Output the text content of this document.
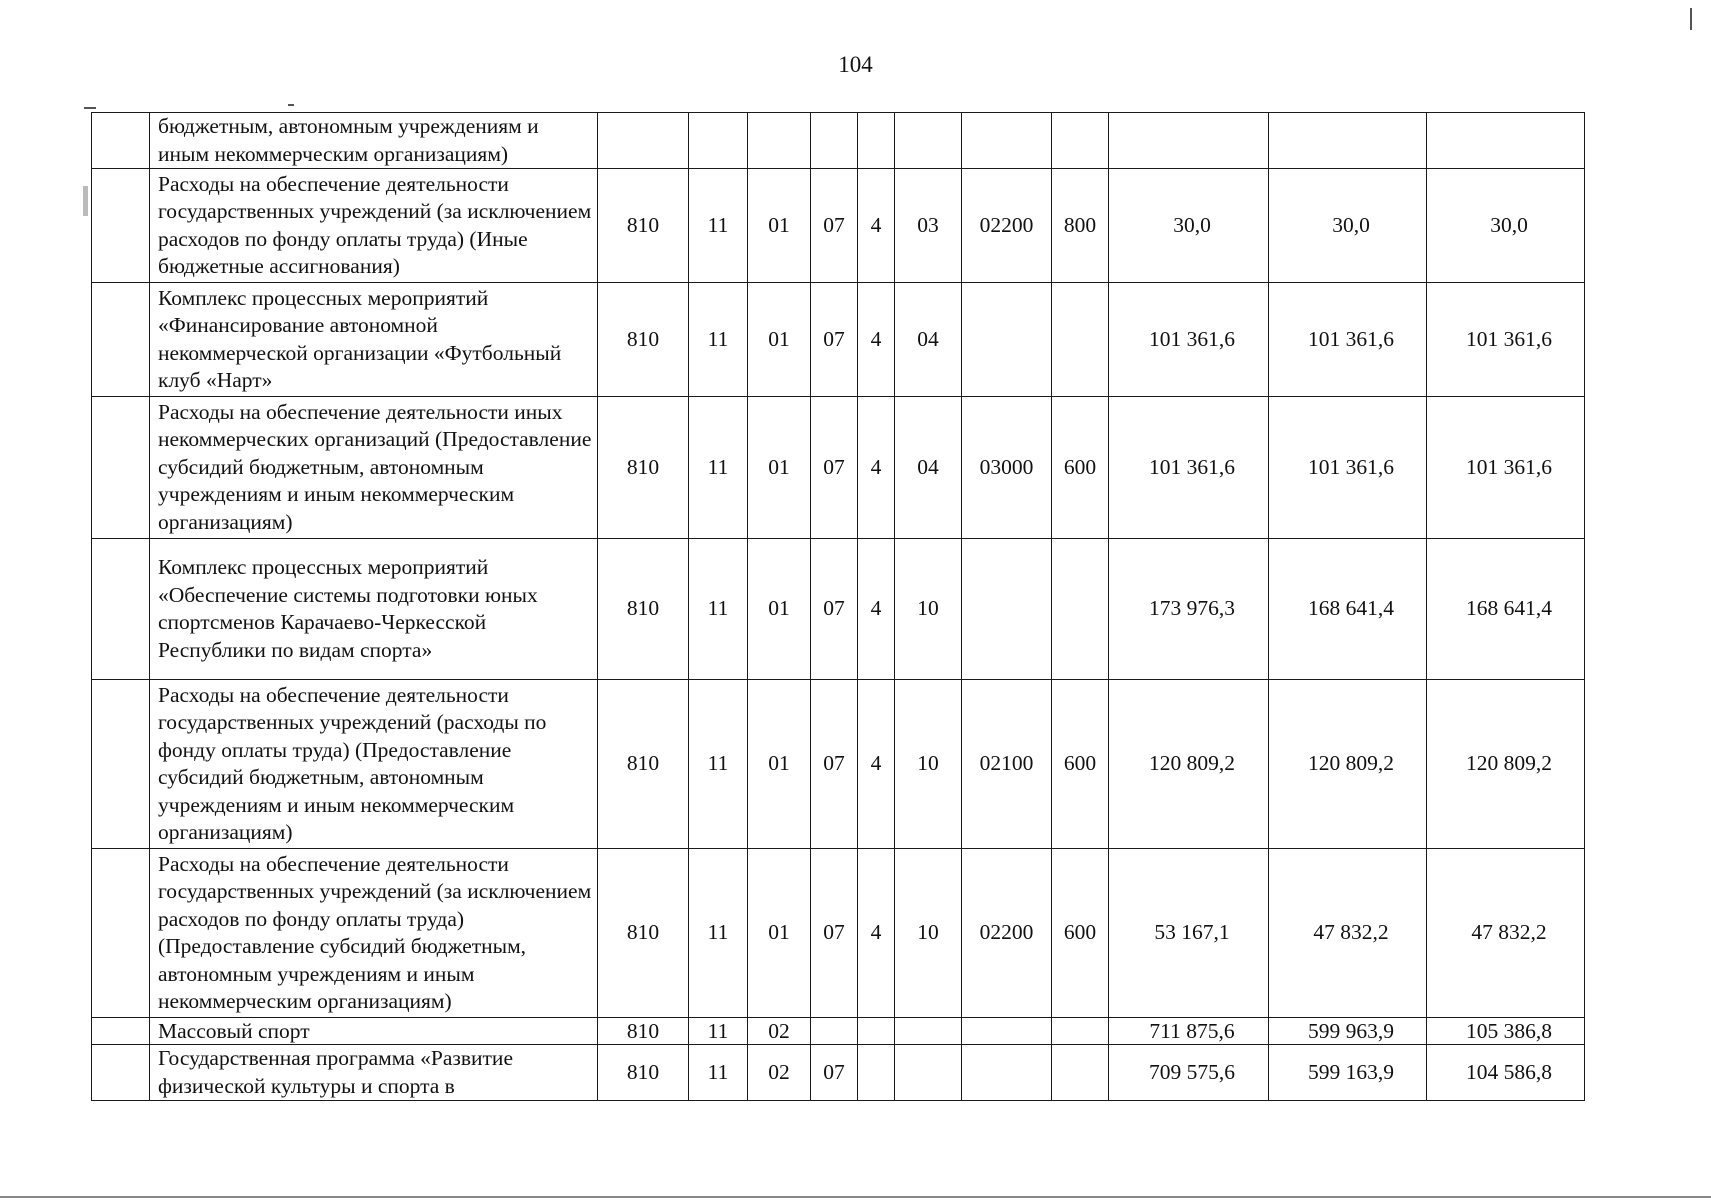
104
	бюджетным, автономным учреждениям и иным некоммерческим организациям)											
	Расходы на обеспечение деятельности государственных учреждений (за исключением расходов по фонду оплаты труда) (Иные бюджетные ассигнования)	810	11	01	07	4	03	02200	800	30,0	30,0	30,0
	Комплекс процессных мероприятий «Финансирование автономной некоммерческой организации «Футбольный клуб «Нарт»	810	11	01	07	4	04			101 361,6	101 361,6	101 361,6
	Расходы на обеспечение деятельности иных некоммерческих организаций (Предоставление субсидий бюджетным, автономным учреждениям и иным некоммерческим организациям)	810	11	01	07	4	04	03000	600	101 361,6	101 361,6	101 361,6
	Комплекс процессных мероприятий «Обеспечение системы подготовки юных спортсменов Карачаево-Черкесской Республики по видам спорта»	810	11	01	07	4	10			173 976,3	168 641,4	168 641,4
	Расходы на обеспечение деятельности государственных учреждений (расходы по фонду оплаты труда) (Предоставление субсидий бюджетным, автономным учреждениям и иным некоммерческим организациям)	810	11	01	07	4	10	02100	600	120 809,2	120 809,2	120 809,2
	Расходы на обеспечение деятельности государственных учреждений (за исключением расходов по фонду оплаты труда) (Предоставление субсидий бюджетным, автономным учреждениям и иным некоммерческим организациям)	810	11	01	07	4	10	02200	600	53 167,1	47 832,2	47 832,2
	Массовый спорт	810	11	02						711 875,6	599 963,9	105 386,8
	Государственная программа «Развитие физической культуры и спорта в	810	11	02	07					709 575,6	599 163,9	104 586,8
